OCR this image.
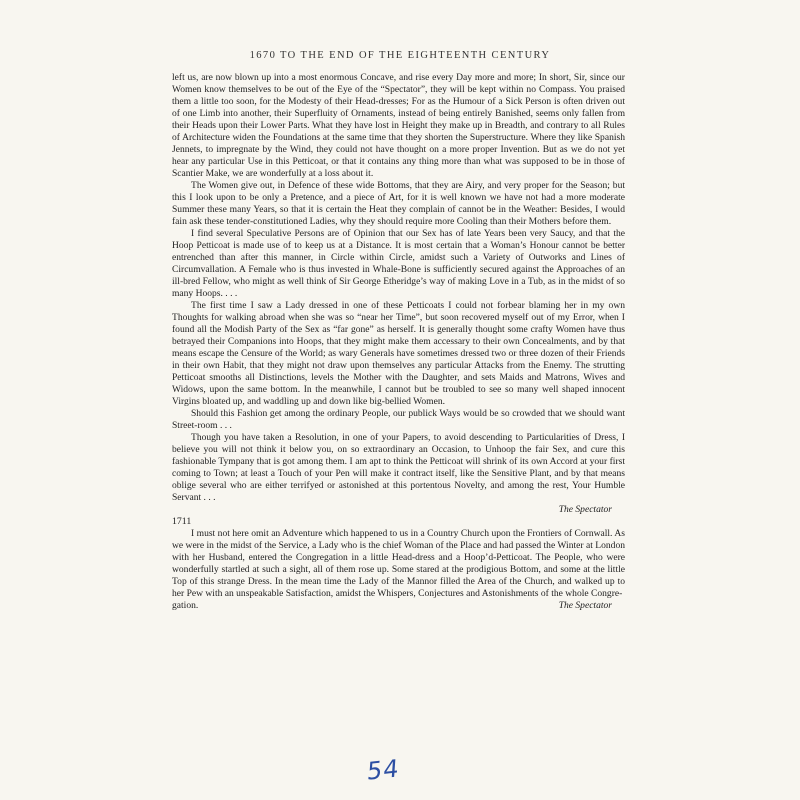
1670 TO THE END OF THE EIGHTEENTH CENTURY

left us, are now blown up into a most enormous Concave, and rise every Day more and more; In short, Sir, since our Women know themselves to be out of the Eye of the “Spectator”, they will be kept within no Compass. You praised them a little too soon, for the Modesty of their Head-dresses; For as the Humour of a Sick Person is often driven out of one Limb into another, their Superfluity of Ornaments, instead of being entirely Banished, seems only fallen from their Heads upon their Lower Parts. What they have lost in Height they make up in Breadth, and contrary to all Rules of Architecture widen the Foundations at the same time that they shorten the Superstructure. Where they like Spanish Jennets, to impregnate by the Wind, they could not have thought on a more proper Invention. But as we do not yet hear any particular Use in this Petticoat, or that it contains any thing more than what was supposed to be in those of Scantier Make, we are wonderfully at a loss about it.

The Women give out, in Defence of these wide Bottoms, that they are Airy, and very proper for the Season; but this I look upon to be only a Pretence, and a piece of Art, for it is well known we have not had a more moderate Summer these many Years, so that it is certain the Heat they complain of cannot be in the Weather: Besides, I would fain ask these tender-constitutioned Ladies, why they should require more Cooling than their Mothers before them.

I find several Speculative Persons are of Opinion that our Sex has of late Years been very Saucy, and that the Hoop Petticoat is made use of to keep us at a Distance. It is most certain that a Woman’s Honour cannot be better entrenched than after this manner, in Circle within Circle, amidst such a Variety of Outworks and Lines of Circumvallation. A Female who is thus invested in Whale-Bone is sufficiently secured against the Approaches of an ill-bred Fellow, who might as well think of Sir George Etheridge’s way of making Love in a Tub, as in the midst of so many Hoops. . . .

The first time I saw a Lady dressed in one of these Petticoats I could not forbear blaming her in my own Thoughts for walking abroad when she was so “near her Time”, but soon recovered myself out of my Error, when I found all the Modish Party of the Sex as “far gone” as herself. It is generally thought some crafty Women have thus betrayed their Companions into Hoops, that they might make them accessary to their own Concealments, and by that means escape the Censure of the World; as wary Generals have sometimes dressed two or three dozen of their Friends in their own Habit, that they might not draw upon themselves any particular Attacks from the Enemy. The strutting Petticoat smooths all Distinctions, levels the Mother with the Daughter, and sets Maids and Matrons, Wives and Widows, upon the same bottom. In the meanwhile, I cannot but be troubled to see so many well shaped innocent Virgins bloated up, and waddling up and down like big-bellied Women.

Should this Fashion get among the ordinary People, our publick Ways would be so crowded that we should want Street-room . . .

Though you have taken a Resolution, in one of your Papers, to avoid descending to Particularities of Dress, I believe you will not think it below you, on so extraordinary an Occasion, to Unhoop the fair Sex, and cure this fashionable Tympany that is got among them. I am apt to think the Petticoat will shrink of its own Accord at your first coming to Town; at least a Touch of your Pen will make it contract itself, like the Sensitive Plant, and by that means oblige several who are either terrifyed or astonished at this portentous Novelty, and among the rest, Your Humble Servant . . .

The Spectator

1711

I must not here omit an Adventure which happened to us in a Country Church upon the Frontiers of Cornwall. As we were in the midst of the Service, a Lady who is the chief Woman of the Place and had passed the Winter at London with her Husband, entered the Congregation in a little Head-dress and a Hoop’d-Petticoat. The People, who were wonderfully startled at such a sight, all of them rose up. Some stared at the prodigious Bottom, and some at the little Top of this strange Dress. In the mean time the Lady of the Mannor filled the Area of the Church, and walked up to her Pew with an unspeakable Satisfaction, amidst the Whispers, Conjectures and Astonishments of the whole Congre-

gation.	The Spectator

54
